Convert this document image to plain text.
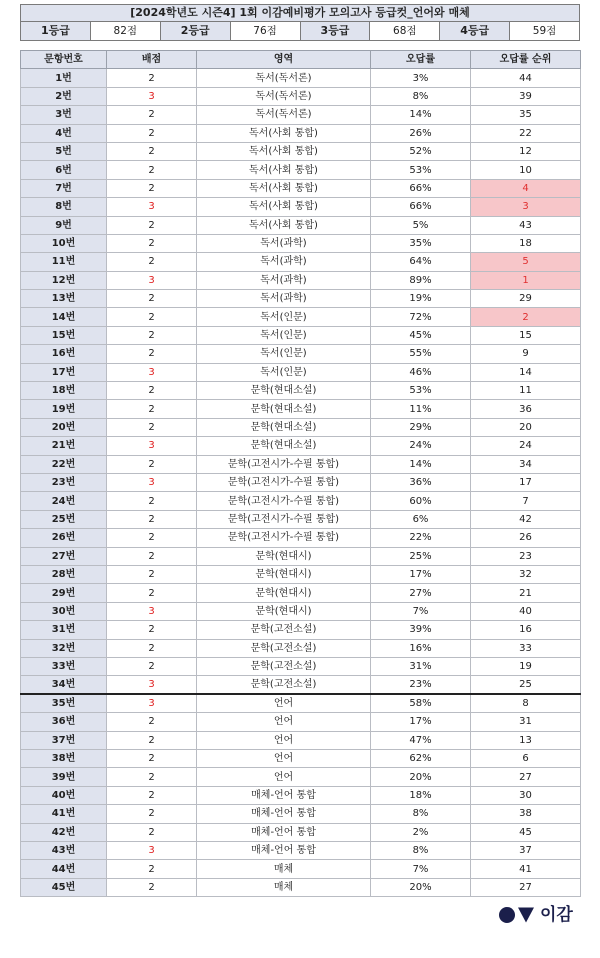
[2024학년도 시즌4] 1회 이감예비평가 모의고사 등급컷_언어와 매체
1등급	82점	2등급	76점	3등급	68점	4등급	59점
문항번호	배점	영역	오답률	오답률 순위
1번	2	독서(독서론)	3%	44
2번	3	독서(독서론)	8%	39
3번	2	독서(독서론)	14%	35
4번	2	독서(사회 통합)	26%	22
5번	2	독서(사회 통합)	52%	12
6번	2	독서(사회 통합)	53%	10
7번	2	독서(사회 통합)	66%	4
8번	3	독서(사회 통합)	66%	3
9번	2	독서(사회 통합)	5%	43
10번	2	독서(과학)	35%	18
11번	2	독서(과학)	64%	5
12번	3	독서(과학)	89%	1
13번	2	독서(과학)	19%	29
14번	2	독서(인문)	72%	2
15번	2	독서(인문)	45%	15
16번	2	독서(인문)	55%	9
17번	3	독서(인문)	46%	14
18번	2	문학(현대소설)	53%	11
19번	2	문학(현대소설)	11%	36
20번	2	문학(현대소설)	29%	20
21번	3	문학(현대소설)	24%	24
22번	2	문학(고전시가-수필 통합)	14%	34
23번	3	문학(고전시가-수필 통합)	36%	17
24번	2	문학(고전시가-수필 통합)	60%	7
25번	2	문학(고전시가-수필 통합)	6%	42
26번	2	문학(고전시가-수필 통합)	22%	26
27번	2	문학(현대시)	25%	23
28번	2	문학(현대시)	17%	32
29번	2	문학(현대시)	27%	21
30번	3	문학(현대시)	7%	40
31번	2	문학(고전소설)	39%	16
32번	2	문학(고전소설)	16%	33
33번	2	문학(고전소설)	31%	19
34번	3	문학(고전소설)	23%	25
35번	3	언어	58%	8
36번	2	언어	17%	31
37번	2	언어	47%	13
38번	2	언어	62%	6
39번	2	언어	20%	27
40번	2	매체-언어 통합	18%	30
41번	2	매체-언어 통합	8%	38
42번	2	매체-언어 통합	2%	45
43번	3	매체-언어 통합	8%	37
44번	2	매체	7%	41
45번	2	매체	20%	27
이감
